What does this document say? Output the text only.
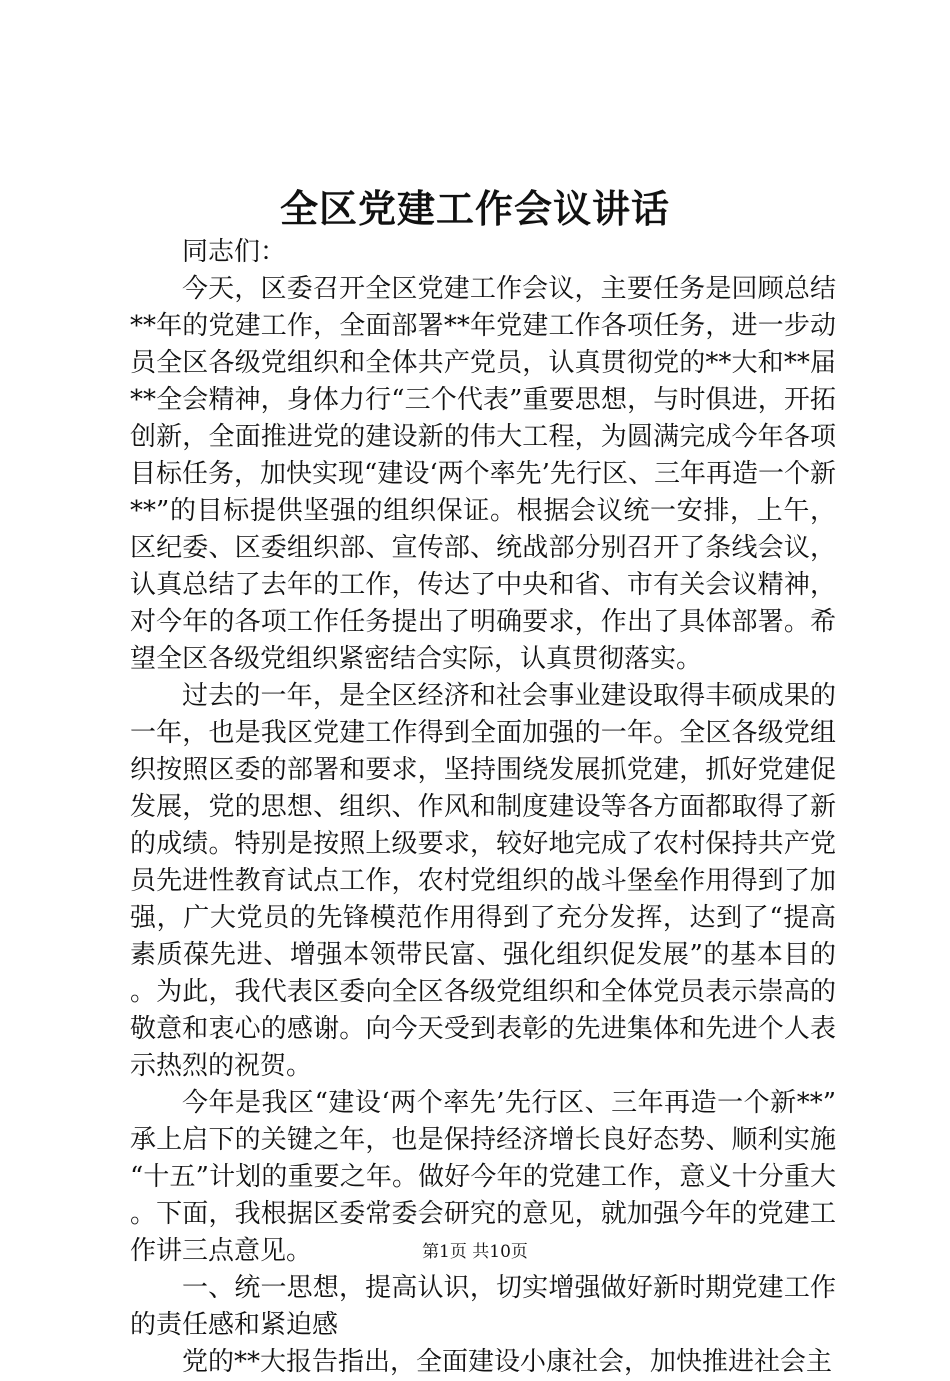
全区党建工作会议讲话

同志们：

今天，区委召开全区党建工作会议，主要任务是回顾总结**年的党建工作，全面部署**年党建工作各项任务，进一步动员全区各级党组织和全体共产党员，认真贯彻党的**大和**届**全会精神，身体力行“三个代表”重要思想，与时俱进，开拓创新，全面推进党的建设新的伟大工程，为圆满完成今年各项目标任务，加快实现“建设‘两个率先’先行区、三年再造一个新**”的目标提供坚强的组织保证。根据会议统一安排，上午，区纪委、区委组织部、宣传部、统战部分别召开了条线会议，认真总结了去年的工作，传达了中央和省、市有关会议精神，对今年的各项工作任务提出了明确要求，作出了具体部署。希望全区各级党组织紧密结合实际，认真贯彻落实。

过去的一年，是全区经济和社会事业建设取得丰硕成果的一年，也是我区党建工作得到全面加强的一年。全区各级党组织按照区委的部署和要求，坚持围绕发展抓党建，抓好党建促发展，党的思想、组织、作风和制度建设等各方面都取得了新的成绩。特别是按照上级要求，较好地完成了农村保持共产党员先进性教育试点工作，农村党组织的战斗堡垒作用得到了加强，广大党员的先锋模范作用得到了充分发挥，达到了“提高素质葆先进、增强本领带民富、强化组织促发展”的基本目的。为此，我代表区委向全区各级党组织和全体党员表示崇高的敬意和衷心的感谢。向今天受到表彰的先进集体和先进个人表示热烈的祝贺。

今年是我区“建设‘两个率先’先行区、三年再造一个新**”承上启下的关键之年，也是保持经济增长良好态势、顺利实施“十五”计划的重要之年。做好今年的党建工作，意义十分重大。下面，我根据区委常委会研究的意见，就加强今年的党建工作讲三点意见。

一、统一思想，提高认识，切实增强做好新时期党建工作的责任感和紧迫感

党的**大报告指出，全面建设小康社会，加快推进社会主

第1页 共10页
